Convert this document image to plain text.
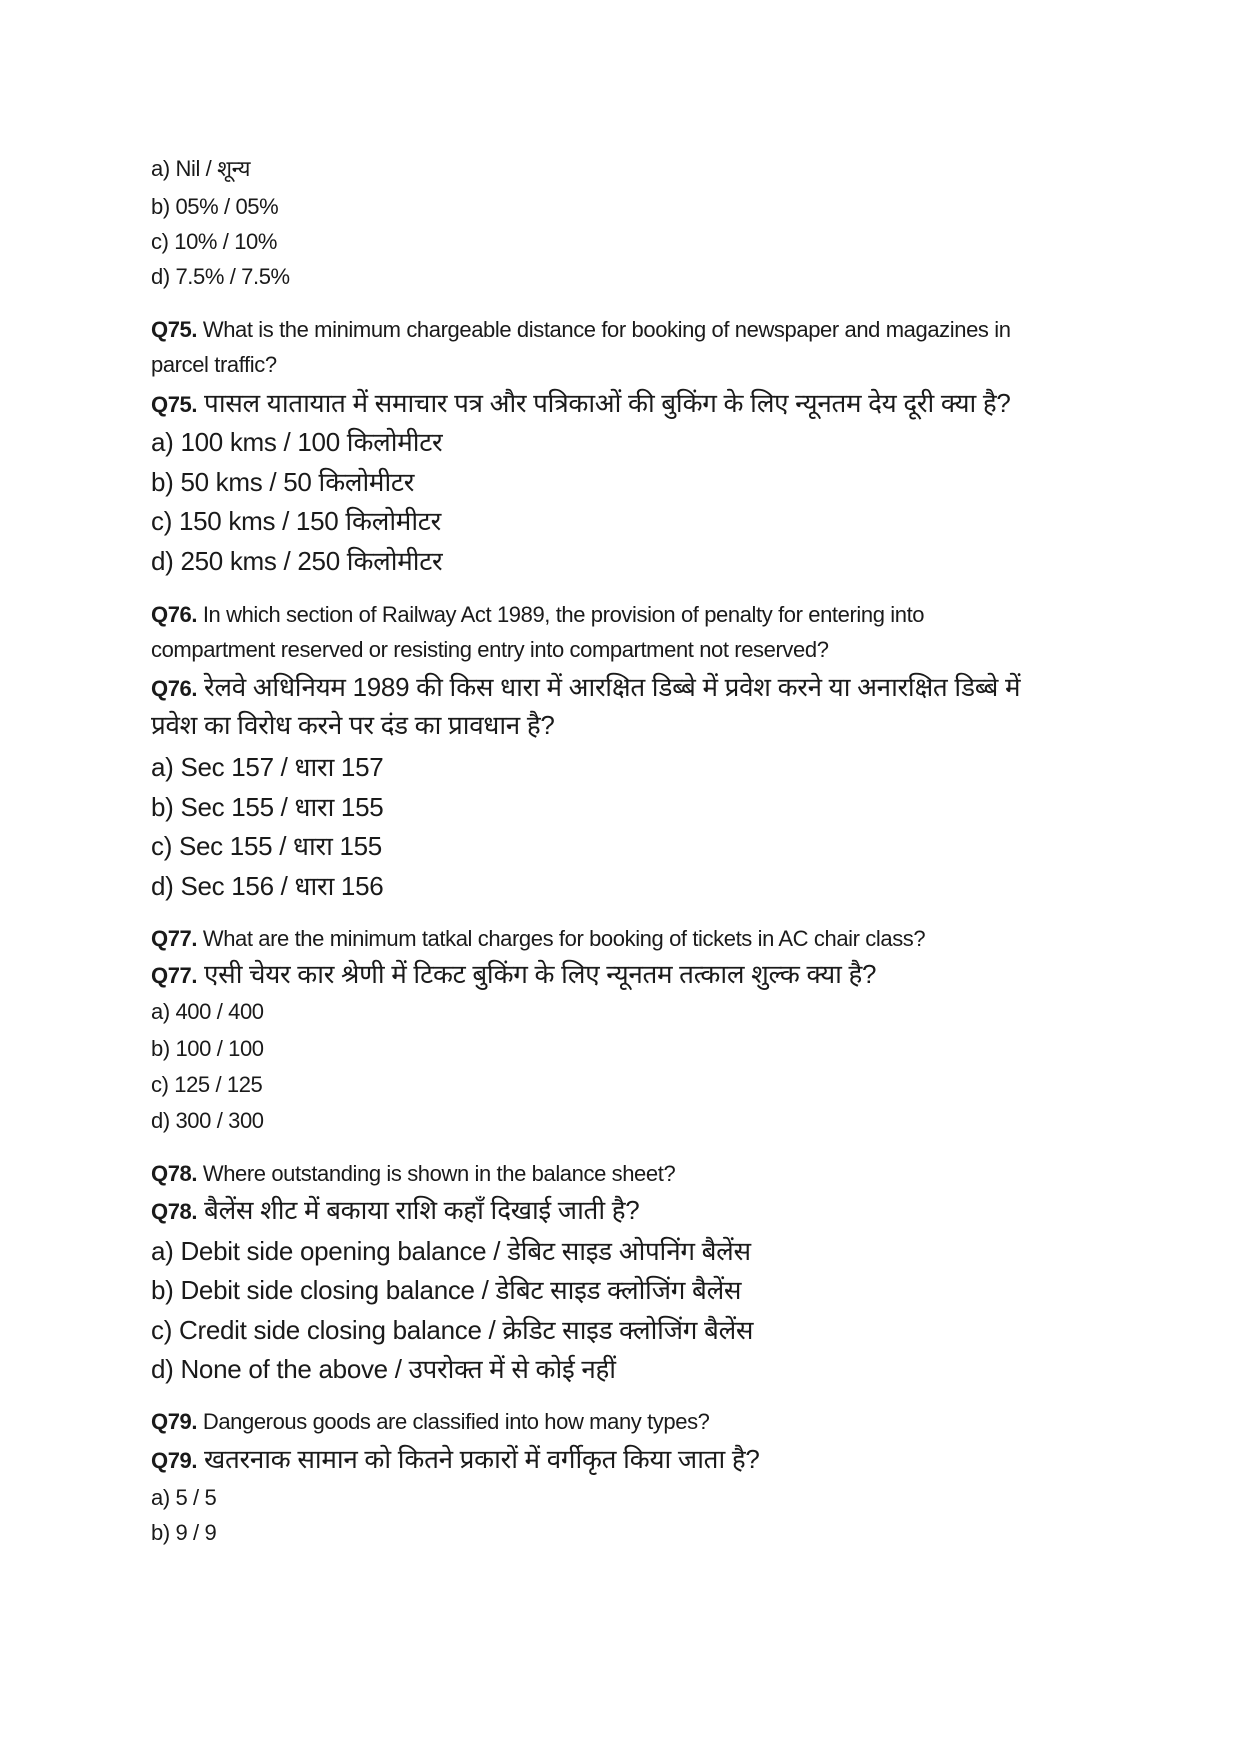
a) Nil / शून्य
b) 05% / 05%
c) 10% / 10%
d) 7.5% / 7.5%
Q75. What is the minimum chargeable distance for booking of newspaper and magazines in
parcel traffic?
Q75. पासल यातायात में समाचार पत्र और पत्रिकाओं की बुकिंग के लिए न्यूनतम देय दूरी क्या है?
a) 100 kms / 100 किलोमीटर
b) 50 kms / 50 किलोमीटर
c) 150 kms / 150 किलोमीटर
d) 250 kms / 250 किलोमीटर
Q76. In which section of Railway Act 1989, the provision of penalty for entering into
compartment reserved or resisting entry into compartment not reserved?
Q76. रेलवे अधिनियम 1989 की किस धारा में आरक्षित डिब्बे में प्रवेश करने या अनारक्षित डिब्बे में
प्रवेश का विरोध करने पर दंड का प्रावधान है?
a) Sec 157 / धारा 157
b) Sec 155 / धारा 155
c) Sec 155 / धारा 155
d) Sec 156 / धारा 156
Q77. What are the minimum tatkal charges for booking of tickets in AC chair class?
Q77. एसी चेयर कार श्रेणी में टिकट बुकिंग के लिए न्यूनतम तत्काल शुल्क क्या है?
a) 400 / 400
b) 100 / 100
c) 125 / 125
d) 300 / 300
Q78. Where outstanding is shown in the balance sheet?
Q78. बैलेंस शीट में बकाया राशि कहाँ दिखाई जाती है?
a) Debit side opening balance / डेबिट साइड ओपनिंग बैलेंस
b) Debit side closing balance / डेबिट साइड क्लोजिंग बैलेंस
c) Credit side closing balance / क्रेडिट साइड क्लोजिंग बैलेंस
d) None of the above / उपरोक्त में से कोई नहीं
Q79. Dangerous goods are classified into how many types?
Q79. खतरनाक सामान को कितने प्रकारों में वर्गीकृत किया जाता है?
a) 5 / 5
b) 9 / 9
